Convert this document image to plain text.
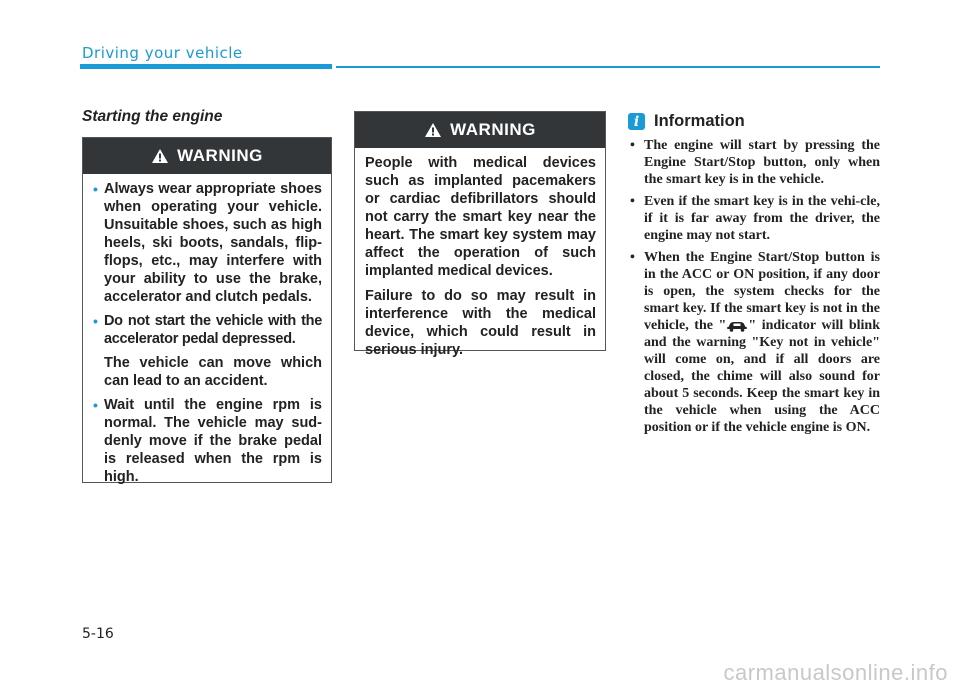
Driving your vehicle
Starting the engine
WARNING
• Always wear appropriate shoes when operating your vehicle. Unsuitable shoes, such as high heels, ski boots, sandals, flip-flops, etc., may interfere with your ability to use the brake, accelerator and clutch pedals.
• Do not start the vehicle with the accelerator pedal depressed.
The vehicle can move which can lead to an accident.
• Wait until the engine rpm is normal. The vehicle may sud-denly move if the brake pedal is released when the rpm is high.
WARNING
People with medical devices such as implanted pacemakers or cardiac defibrillators should not carry the smart key near the heart. The smart key system may affect the operation of such implanted medical devices.
Failure to do so may result in interference with the medical device, which could result in serious injury.
i Information
• The engine will start by pressing the Engine Start/Stop button, only when the smart key is in the vehicle.
• Even if the smart key is in the vehi-cle, if it is far away from the driver, the engine may not start.
• When the Engine Start/Stop button is in the ACC or ON position, if any door is open, the system checks for the smart key. If the smart key is not in the vehicle, the " " indicator will blink and the warning "Key not in vehicle" will come on, and if all doors are closed, the chime will also sound for about 5 seconds. Keep the smart key in the vehicle when using the ACC position or if the vehicle engine is ON.
5-16
carmanualsonline.info
